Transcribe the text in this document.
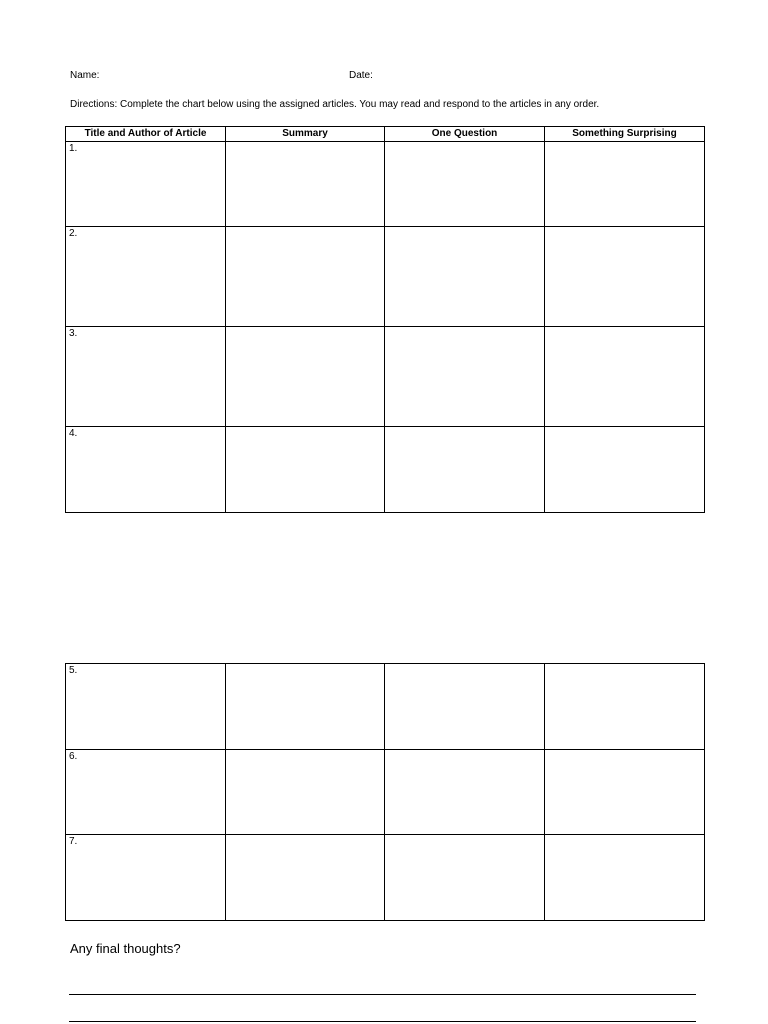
Name:	Date:
Directions: Complete the chart below using the assigned articles. You may read and respond to the articles in any order.
Title and Author of Article	Summary	One Question	Something Surprising
1.			
2.			
3.			
4.			
5.			
6.			
7.			
Any final thoughts?
